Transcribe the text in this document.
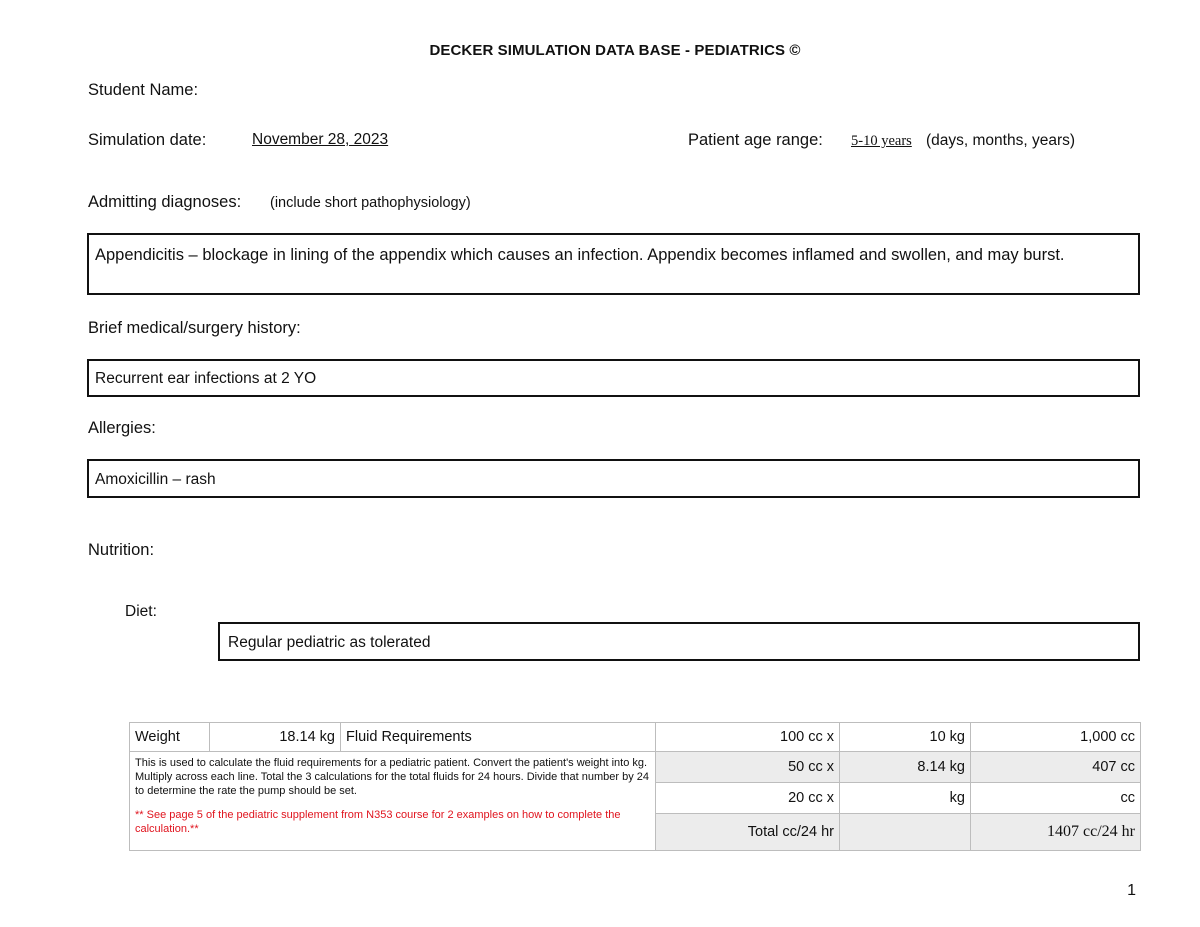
DECKER SIMULATION DATA BASE - PEDIATRICS ©
Student Name:
Simulation date:	November 28, 2023	Patient age range: 5-10 years (days, months, years)
Admitting diagnoses: (include short pathophysiology)
Appendicitis – blockage in lining of the appendix which causes an infection. Appendix becomes inflamed and swollen, and may burst.
Brief medical/surgery history:
Recurrent ear infections at 2 YO
Allergies:
Amoxicillin – rash
Nutrition:
Diet:
Regular pediatric as tolerated
Weight	18.14 kg	Fluid Requirements	100 cc x	10 kg	1,000 cc

This is used to calculate the fluid requirements for a pediatric patient. Convert the patient's weight into kg. Multiply across each line. Total the 3 calculations for the total fluids for 24 hours. Divide that number by 24 to determine the rate the pump should be set.

** See page 5 of the pediatric supplement from N353 course for 2 examples on how to complete the calculation.**			50 cc x	8.14 kg	407 cc
			20 cc x	kg	cc
			Total cc/24 hr		1407 cc/24 hr
1
